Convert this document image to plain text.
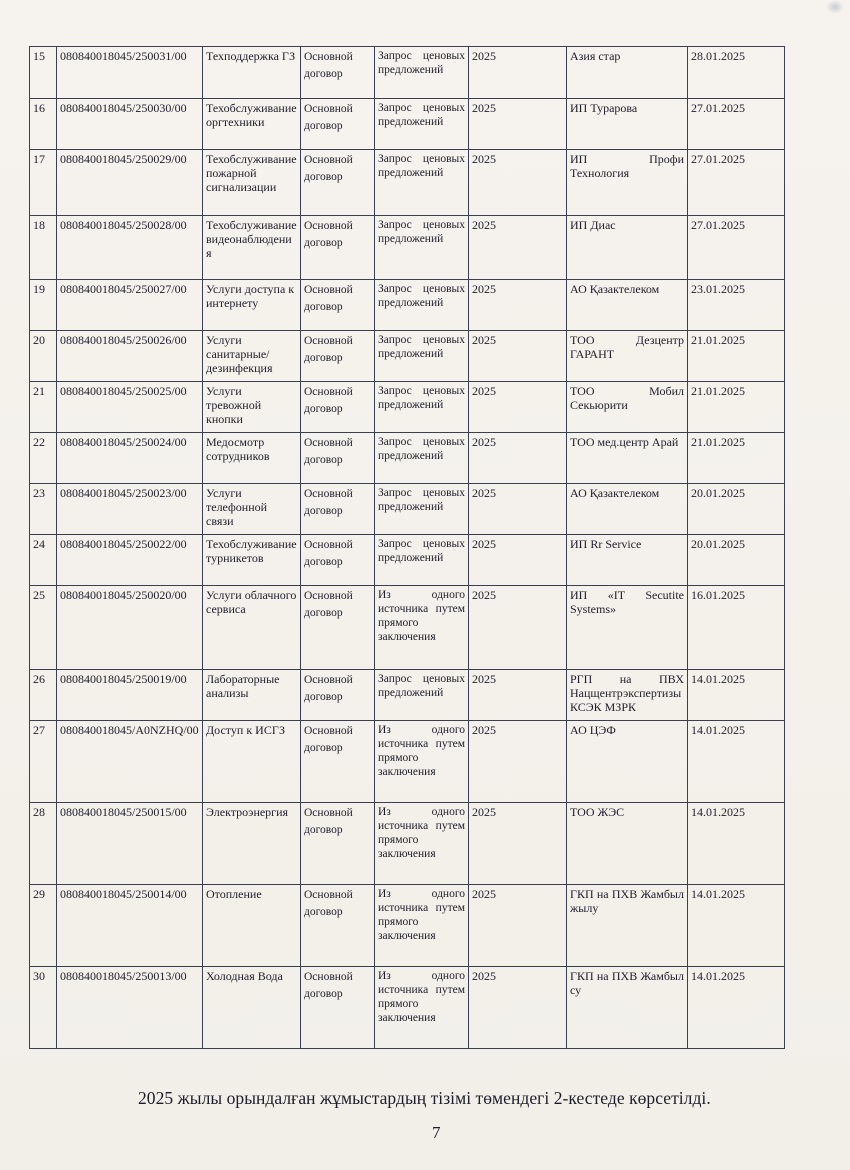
15	080840018045/250031/00	Техподдержка ГЗ	Основной договор	Запрос ценовых предложений	2025	Азия стар	28.01.2025
16	080840018045/250030/00	Техобслуживание оргтехники	Основной договор	Запрос ценовых предложений	2025	ИП Турарова	27.01.2025
17	080840018045/250029/00	Техобслуживание пожарной сигнализации	Основной договор	Запрос ценовых предложений	2025	ИП Профи Технология	27.01.2025
18	080840018045/250028/00	Техобслуживание видеонаблюдения	Основной договор	Запрос ценовых предложений	2025	ИП Диас	27.01.2025
19	080840018045/250027/00	Услуги доступа к интернету	Основной договор	Запрос ценовых предложений	2025	АО Қазактелеком	23.01.2025
20	080840018045/250026/00	Услуги санитарные/ дезинфекция	Основной договор	Запрос ценовых предложений	2025	ТОО Дезцентр ГАРАНТ	21.01.2025
21	080840018045/250025/00	Услуги тревожной кнопки	Основной договор	Запрос ценовых предложений	2025	ТОО Мобил Секьюрити	21.01.2025
22	080840018045/250024/00	Медосмотр сотрудников	Основной договор	Запрос ценовых предложений	2025	ТОО мед.центр Арай	21.01.2025
23	080840018045/250023/00	Услуги телефонной связи	Основной договор	Запрос ценовых предложений	2025	АО Қазактелеком	20.01.2025
24	080840018045/250022/00	Техобслуживание турникетов	Основной договор	Запрос ценовых предложений	2025	ИП Rr Service	20.01.2025
25	080840018045/250020/00	Услуги облачного сервиса	Основной договор	Из одного источника путем прямого заключения	2025	ИП «IT Secutite Systems»	16.01.2025
26	080840018045/250019/00	Лабораторные анализы	Основной договор	Запрос ценовых предложений	2025	РГП на ПВХ Нацщентрэкспертизы КСЭК МЗРК	14.01.2025
27	080840018045/A0NZHQ/00	Доступ к ИСГЗ	Основной договор	Из одного источника путем прямого заключения	2025	АО ЦЭФ	14.01.2025
28	080840018045/250015/00	Электроэнергия	Основной договор	Из одного источника путем прямого заключения	2025	ТОО ЖЭС	14.01.2025
29	080840018045/250014/00	Отопление	Основной договор	Из одного источника путем прямого заключения	2025	ГКП на ПХВ Жамбыл жылу	14.01.2025
30	080840018045/250013/00	Холодная Вода	Основной договор	Из одного источника путем прямого заключения	2025	ГКП на ПХВ Жамбыл су	14.01.2025
2025 жылы орындалған жұмыстардың тізімі төмендегі 2-кестеде көрсетілді.
7
